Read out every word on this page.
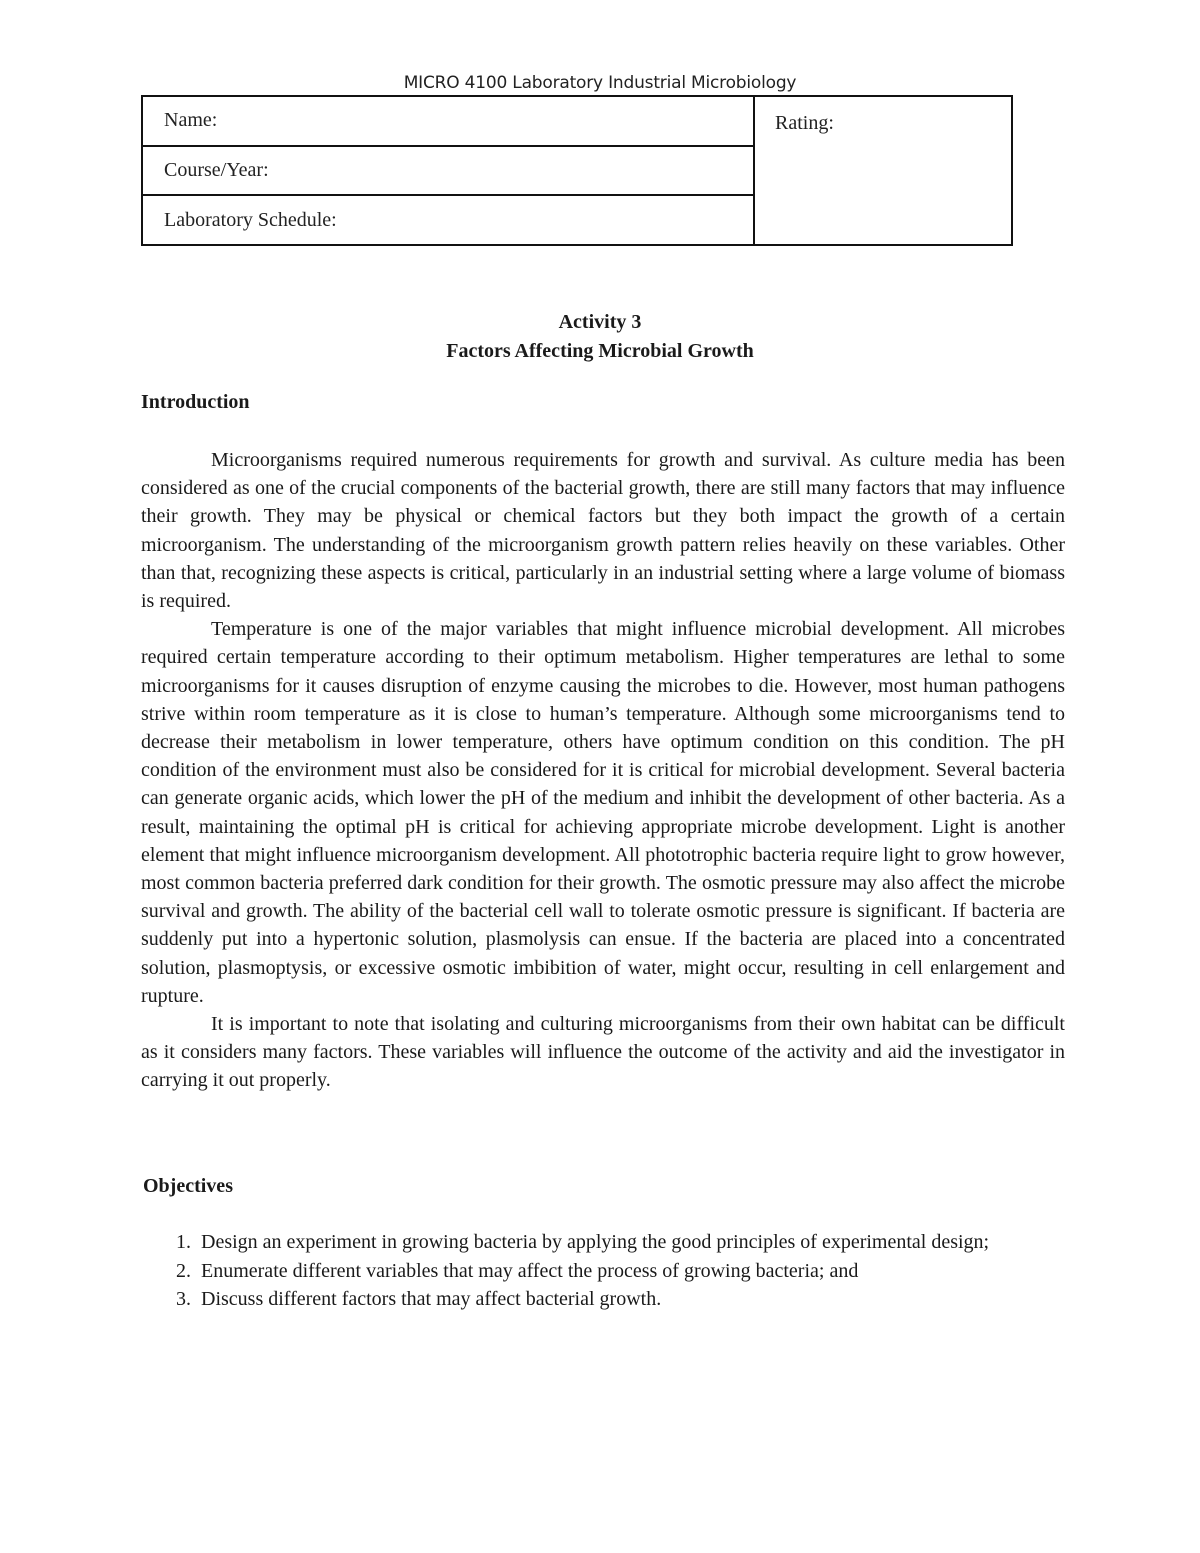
MICRO 4100 Laboratory Industrial Microbiology
Name:
Course/Year:
Laboratory Schedule:
Rating:
Activity 3
Factors Affecting Microbial Growth
Introduction

Microorganisms required numerous requirements for growth and survival. As culture media has been considered as one of the crucial components of the bacterial growth, there are still many factors that may influence their growth. They may be physical or chemical factors but they both impact the growth of a certain microorganism. The understanding of the microorganism growth pattern relies heavily on these variables. Other than that, recognizing these aspects is critical, particularly in an industrial setting where a large volume of biomass is required.

Temperature is one of the major variables that might influence microbial development. All microbes required certain temperature according to their optimum metabolism. Higher temperatures are lethal to some microorganisms for it causes disruption of enzyme causing the microbes to die. However, most human pathogens strive within room temperature as it is close to human’s temperature. Although some microorganisms tend to decrease their metabolism in lower temperature, others have optimum condition on this condition. The pH condition of the environment must also be considered for it is critical for microbial development. Several bacteria can generate organic acids, which lower the pH of the medium and inhibit the development of other bacteria. As a result, maintaining the optimal pH is critical for achieving appropriate microbe development. Light is another element that might influence microorganism development. All phototrophic bacteria require light to grow however, most common bacteria preferred dark condition for their growth. The osmotic pressure may also affect the microbe survival and growth. The ability of the bacterial cell wall to tolerate osmotic pressure is significant. If bacteria are suddenly put into a hypertonic solution, plasmolysis can ensue. If the bacteria are placed into a concentrated solution, plasmoptysis, or excessive osmotic imbibition of water, might occur, resulting in cell enlargement and rupture.

It is important to note that isolating and culturing microorganisms from their own habitat can be difficult as it considers many factors. These variables will influence the outcome of the activity and aid the investigator in carrying it out properly.

Objectives
1. Design an experiment in growing bacteria by applying the good principles of experimental design;
2. Enumerate different variables that may affect the process of growing bacteria; and
3. Discuss different factors that may affect bacterial growth.
